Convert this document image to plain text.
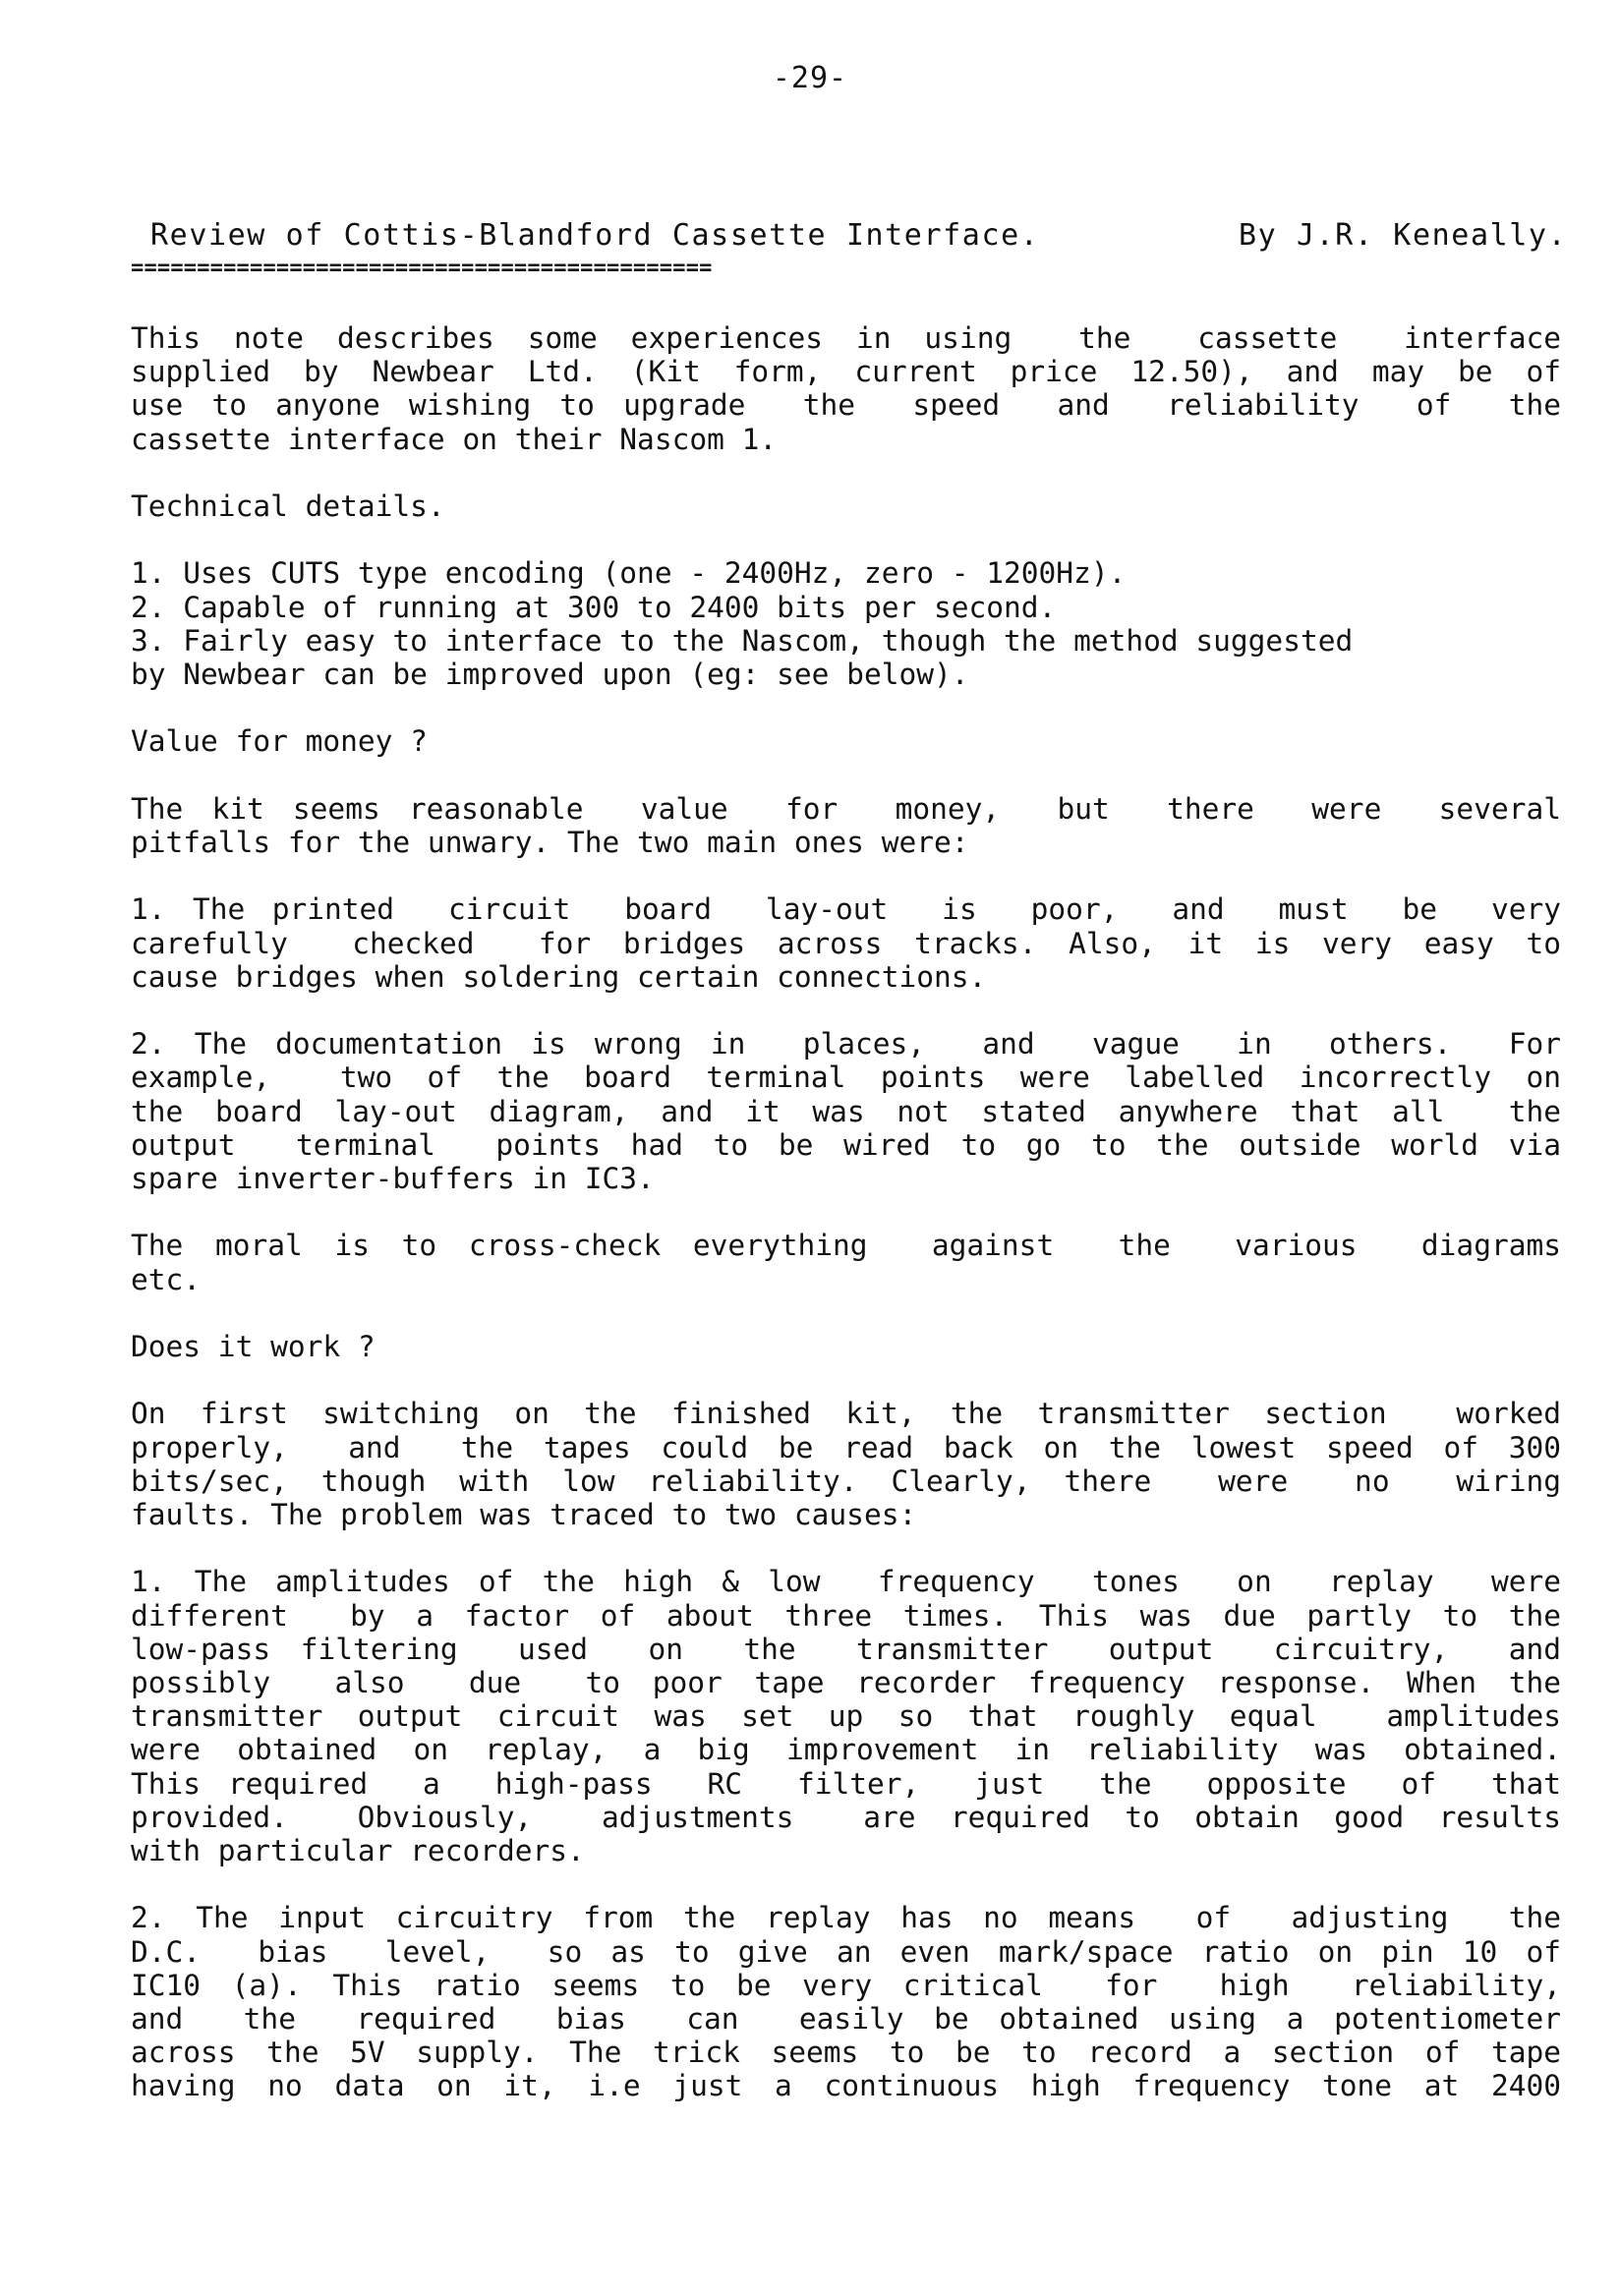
-29-
Review of Cottis-Blandford Cassette Interface.	By J.R. Keneally.
============================================
This note describes some experiences in using  the  cassette  interface
supplied by Newbear Ltd. (Kit form, current price 12.50), and may be of
use to anyone wishing to upgrade  the  speed  and  reliability  of  the
cassette interface on their Nascom 1.
Technical details.
1. Uses CUTS type encoding (one - 2400Hz, zero - 1200Hz).
2. Capable of running at 300 to 2400 bits per second.
3. Fairly easy to interface to the Nascom, though the method suggested
by Newbear can be improved upon (eg: see below).
Value for money ?
The kit seems reasonable  value  for  money,  but  there  were  several
pitfalls for the unwary. The two main ones were:
1. The printed  circuit  board  lay-out  is  poor,  and  must  be  very
carefully  checked  for bridges across tracks. Also, it is very easy to
cause bridges when soldering certain connections.
2. The documentation is wrong in  places,  and  vague  in  others.  For
example,  two of the board terminal points were labelled incorrectly on
the board lay-out diagram, and it was not stated anywhere that all  the
output  terminal  points had to be wired to go to the outside world via
spare inverter-buffers in IC3.
The moral is to cross-check everything  against  the  various  diagrams
etc.
Does it work ?
On first switching on the finished kit, the transmitter section  worked
properly,  and  the tapes could be read back on the lowest speed of 300
bits/sec, though with low reliability. Clearly, there  were  no  wiring
faults. The problem was traced to two causes:
1. The amplitudes of the high & low  frequency  tones  on  replay  were
different  by a factor of about three times. This was due partly to the
low-pass filtering  used  on  the  transmitter  output  circuitry,  and
possibly  also  due  to poor tape recorder frequency response. When the
transmitter output circuit was set up so that roughly equal  amplitudes
were obtained on replay, a big improvement in reliability was obtained.
This required  a  high-pass  RC  filter,  just  the  opposite  of  that
provided.  Obviously,  adjustments  are required to obtain good results
with particular recorders.
2. The input circuitry from the replay has no means  of  adjusting  the
D.C.  bias  level,  so as to give an even mark/space ratio on pin 10 of
IC10 (a). This ratio seems to be very critical  for  high  reliability,
and  the  required  bias  can  easily be obtained using a potentiometer
across the 5V supply. The trick seems to be to record a section of tape
having no data on it, i.e just a continuous high frequency tone at 2400
